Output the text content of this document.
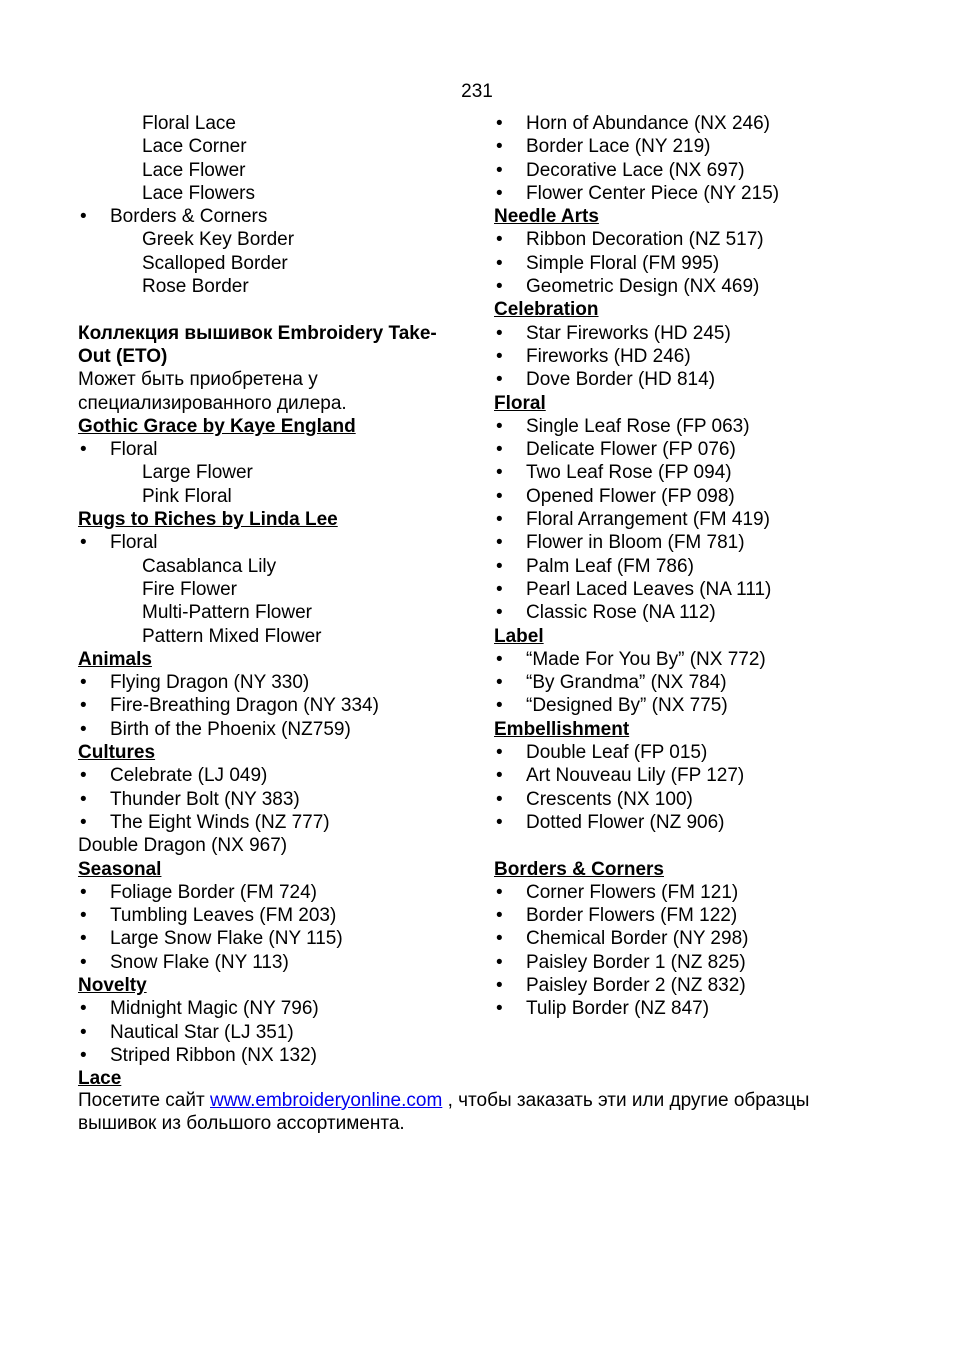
231
Floral Lace
Lace Corner
Lace Flower
Lace Flowers
• Borders & Corners
Greek Key Border
Scalloped Border
Rose Border
Коллекция вышивок Embroidery Take-
Out (ETO)
Может быть приобретена у
специализированного дилера.
Gothic Grace by Kaye England
• Floral
Large Flower
Pink Floral
Rugs to Riches by Linda Lee
• Floral
Casablanca Lily
Fire Flower
Multi-Pattern Flower
Pattern Mixed Flower
Animals
• Flying Dragon (NY 330)
• Fire-Breathing Dragon (NY 334)
• Birth of the Phoenix (NZ759)
Cultures
• Celebrate (LJ 049)
• Thunder Bolt (NY 383)
• The Eight Winds (NZ 777)
Double Dragon (NX 967)
Seasonal
• Foliage Border (FM 724)
• Tumbling Leaves (FM 203)
• Large Snow Flake (NY 115)
• Snow Flake (NY 113)
Novelty
• Midnight Magic (NY 796)
• Nautical Star (LJ 351)
• Striped Ribbon (NX 132)
Lace
• Horn of Abundance (NX 246)
• Border Lace (NY 219)
• Decorative Lace (NX 697)
• Flower Center Piece (NY 215)
Needle Arts
• Ribbon Decoration (NZ 517)
• Simple Floral (FM 995)
• Geometric Design (NX 469)
Celebration
• Star Fireworks (HD 245)
• Fireworks (HD 246)
• Dove Border (HD 814)
Floral
• Single Leaf Rose (FP 063)
• Delicate Flower (FP 076)
• Two Leaf Rose (FP 094)
• Opened Flower (FP 098)
• Floral Arrangement (FM 419)
• Flower in Bloom (FM 781)
• Palm Leaf (FM 786)
• Pearl Laced Leaves (NA 111)
• Classic Rose (NA 112)
Label
• “Made For You By” (NX 772)
• “By Grandma” (NX 784)
• “Designed By” (NX 775)
Embellishment
• Double Leaf (FP 015)
• Art Nouveau Lily (FP 127)
• Crescents (NX 100)
• Dotted Flower (NZ 906)
Borders & Corners
• Corner Flowers (FM 121)
• Border Flowers (FM 122)
• Chemical Border (NY 298)
• Paisley Border 1 (NZ 825)
• Paisley Border 2 (NZ 832)
• Tulip Border (NZ 847)
Посетите сайт www.embroideryonline.com , чтобы заказать эти или другие образцы
вышивок из большого ассортимента.
